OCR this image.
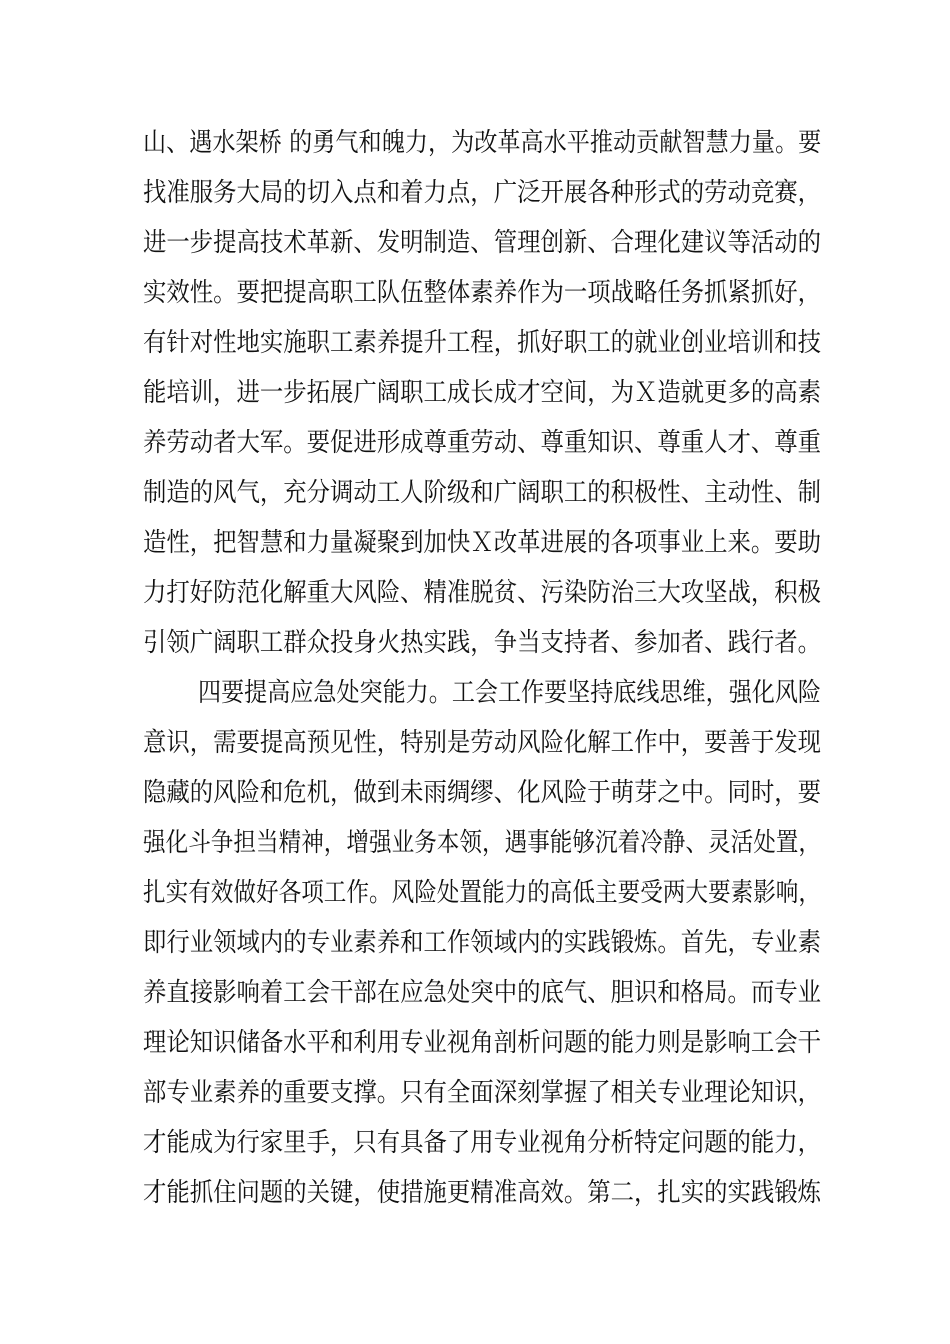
山、遇水架桥 的勇气和魄力，为改革高水平推动贡献智慧力量。要
找准服务大局的切入点和着力点，广泛开展各种形式的劳动竞赛，
进一步提高技术革新、发明制造、管理创新、合理化建议等活动的
实效性。要把提高职工队伍整体素养作为一项战略任务抓紧抓好，
有针对性地实施职工素养提升工程，抓好职工的就业创业培训和技
能培训，进一步拓展广阔职工成长成才空间，为Ｘ造就更多的高素
养劳动者大军。要促进形成尊重劳动、尊重知识、尊重人才、尊重
制造的风气，充分调动工人阶级和广阔职工的积极性、主动性、制
造性，把智慧和力量凝聚到加快Ｘ改革进展的各项事业上来。要助
力打好防范化解重大风险、精准脱贫、污染防治三大攻坚战，积极
引领广阔职工群众投身火热实践，争当支持者、参加者、践行者。
四要提高应急处突能力。工会工作要坚持底线思维，强化风险
意识，需要提高预见性，特别是劳动风险化解工作中，要善于发现
隐藏的风险和危机，做到未雨绸缪、化风险于萌芽之中。同时，要
强化斗争担当精神，增强业务本领，遇事能够沉着冷静、灵活处置，
扎实有效做好各项工作。风险处置能力的高低主要受两大要素影响，
即行业领域内的专业素养和工作领域内的实践锻炼。首先，专业素
养直接影响着工会干部在应急处突中的底气、胆识和格局。而专业
理论知识储备水平和利用专业视角剖析问题的能力则是影响工会干
部专业素养的重要支撑。只有全面深刻掌握了相关专业理论知识，
才能成为行家里手，只有具备了用专业视角分析特定问题的能力，
才能抓住问题的关键，使措施更精准高效。第二，扎实的实践锻炼
